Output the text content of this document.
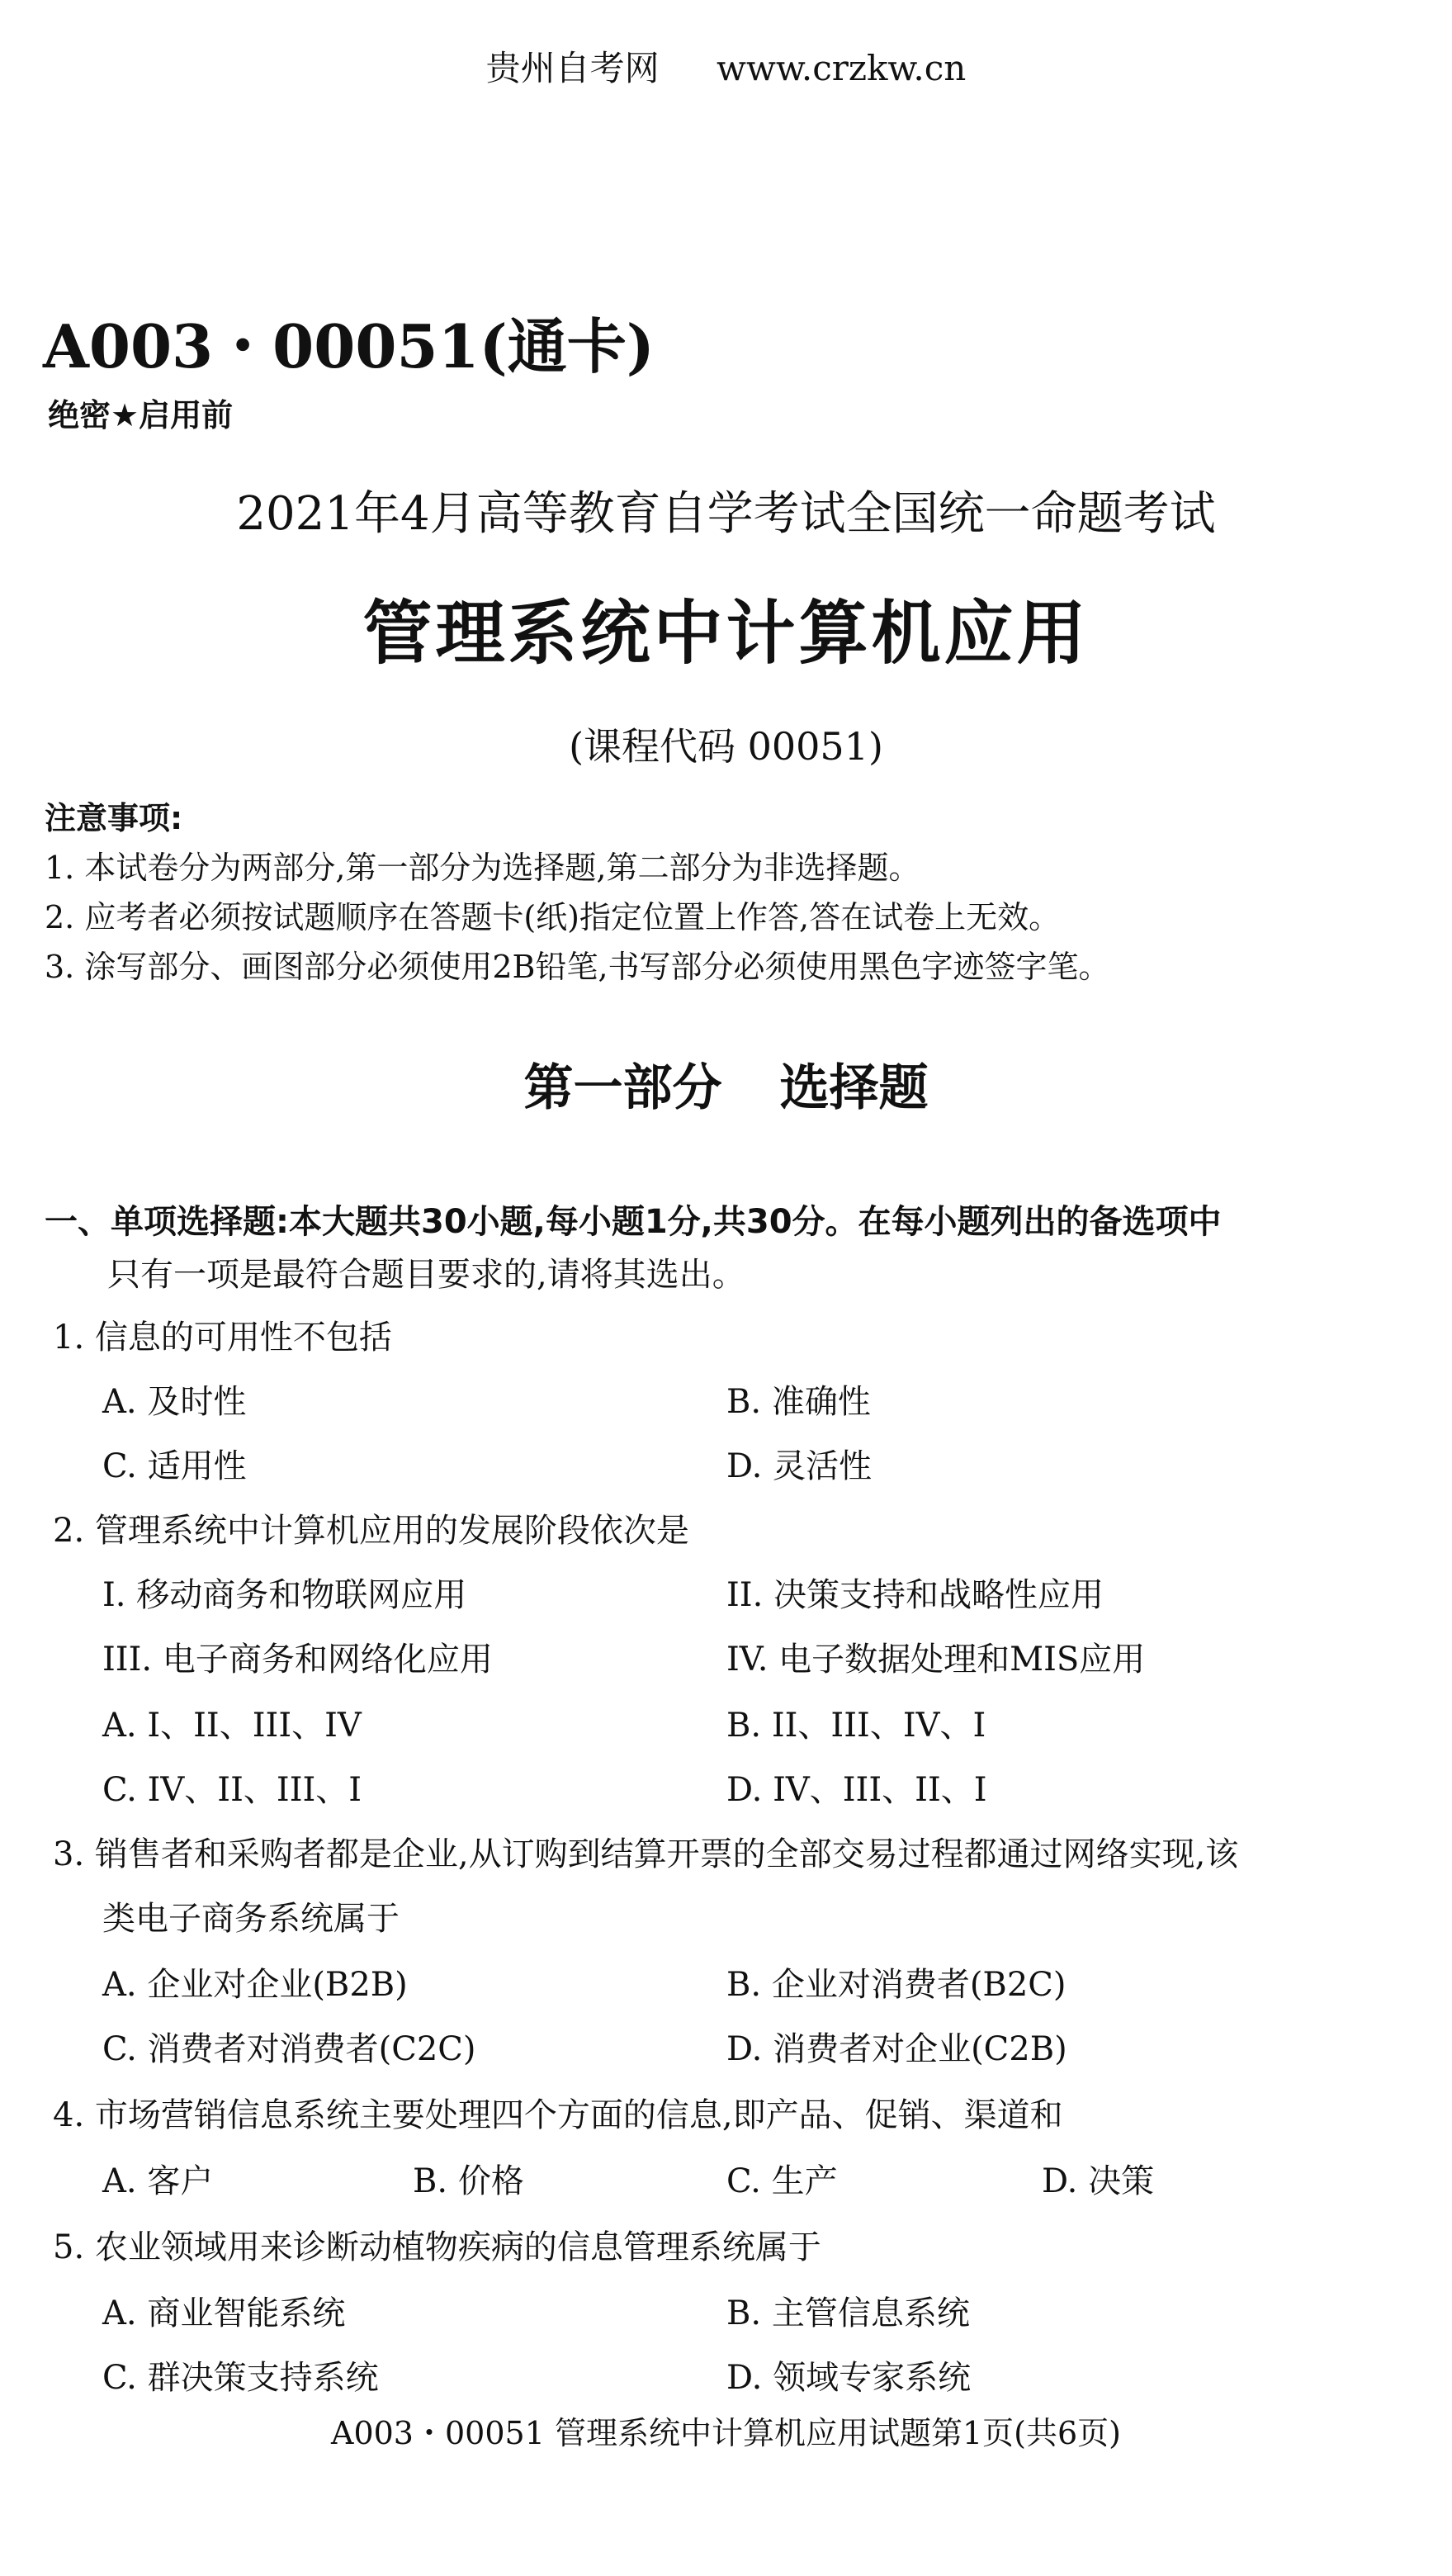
贵州自考网 www.crzkw.cn
A003・00051(通卡)
绝密★启用前
2021年4月高等教育自学考试全国统一命题考试
管理系统中计算机应用
(课程代码 00051)
注意事项:
1. 本试卷分为两部分,第一部分为选择题,第二部分为非选择题。
2. 应考者必须按试题顺序在答题卡(纸)指定位置上作答,答在试卷上无效。
3. 涂写部分、画图部分必须使用2B铅笔,书写部分必须使用黑色字迹签字笔。
第一部分 选择题
一、单项选择题:本大题共30小题,每小题1分,共30分。在每小题列出的备选项中
只有一项是最符合题目要求的,请将其选出。
1. 信息的可用性不包括
A. 及时性	B. 准确性
C. 适用性	D. 灵活性
2. 管理系统中计算机应用的发展阶段依次是
I. 移动商务和物联网应用	II. 决策支持和战略性应用
III. 电子商务和网络化应用	IV. 电子数据处理和MIS应用
A. I、II、III、IV	B. II、III、IV、I
C. IV、II、III、I	D. IV、III、II、I
3. 销售者和采购者都是企业,从订购到结算开票的全部交易过程都通过网络实现,该
类电子商务系统属于
A. 企业对企业(B2B)	B. 企业对消费者(B2C)
C. 消费者对消费者(C2C)	D. 消费者对企业(C2B)
4. 市场营销信息系统主要处理四个方面的信息,即产品、促销、渠道和
A. 客户	B. 价格	C. 生产	D. 决策
5. 农业领域用来诊断动植物疾病的信息管理系统属于
A. 商业智能系统	B. 主管信息系统
C. 群决策支持系统	D. 领域专家系统
A003・00051 管理系统中计算机应用试题第1页(共6页)
